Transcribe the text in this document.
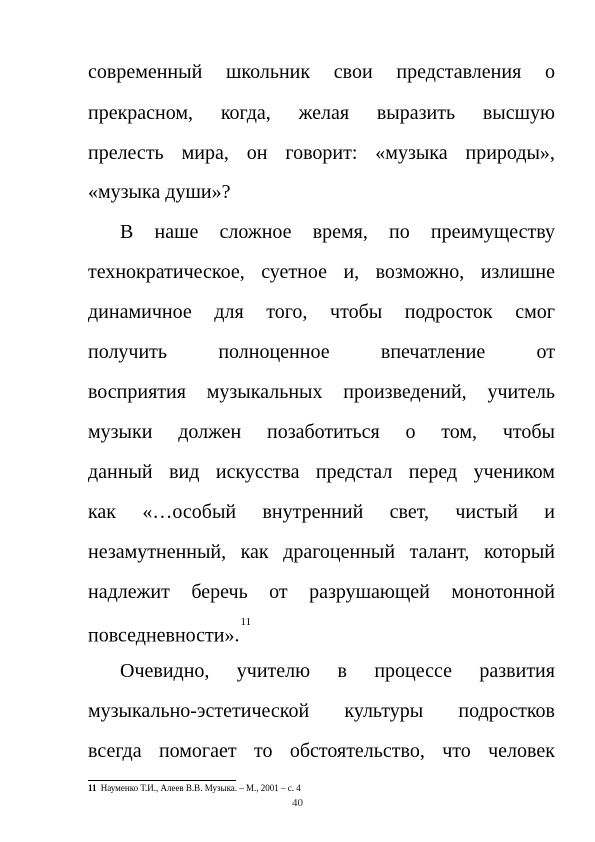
современный школьник свои представления о
прекрасном, когда, желая выразить высшую
прелесть мира, он говорит: «музыка природы»,
«музыка души»?
В наше сложное время, по преимуществу
технократическое, суетное и, возможно, излишне
динамичное для того, чтобы подросток смог
получить	полноценное	впечатление	от
восприятия музыкальных произведений, учитель
музыки должен позаботиться о том, чтобы
данный вид искусства предстал перед учеником
как «…особый внутренний свет, чистый и
незамутненный, как драгоценный талант, который
надлежит беречь от разрушающей монотонной
повседневности».$^{11}$
Очевидно, учителю в процессе развития
музыкально-эстетической культуры подростков
всегда помогает то обстоятельство, что человек
11 Науменко Т.И., Алеев В.В. Музыка. – М., 2001 – с. 4
40
